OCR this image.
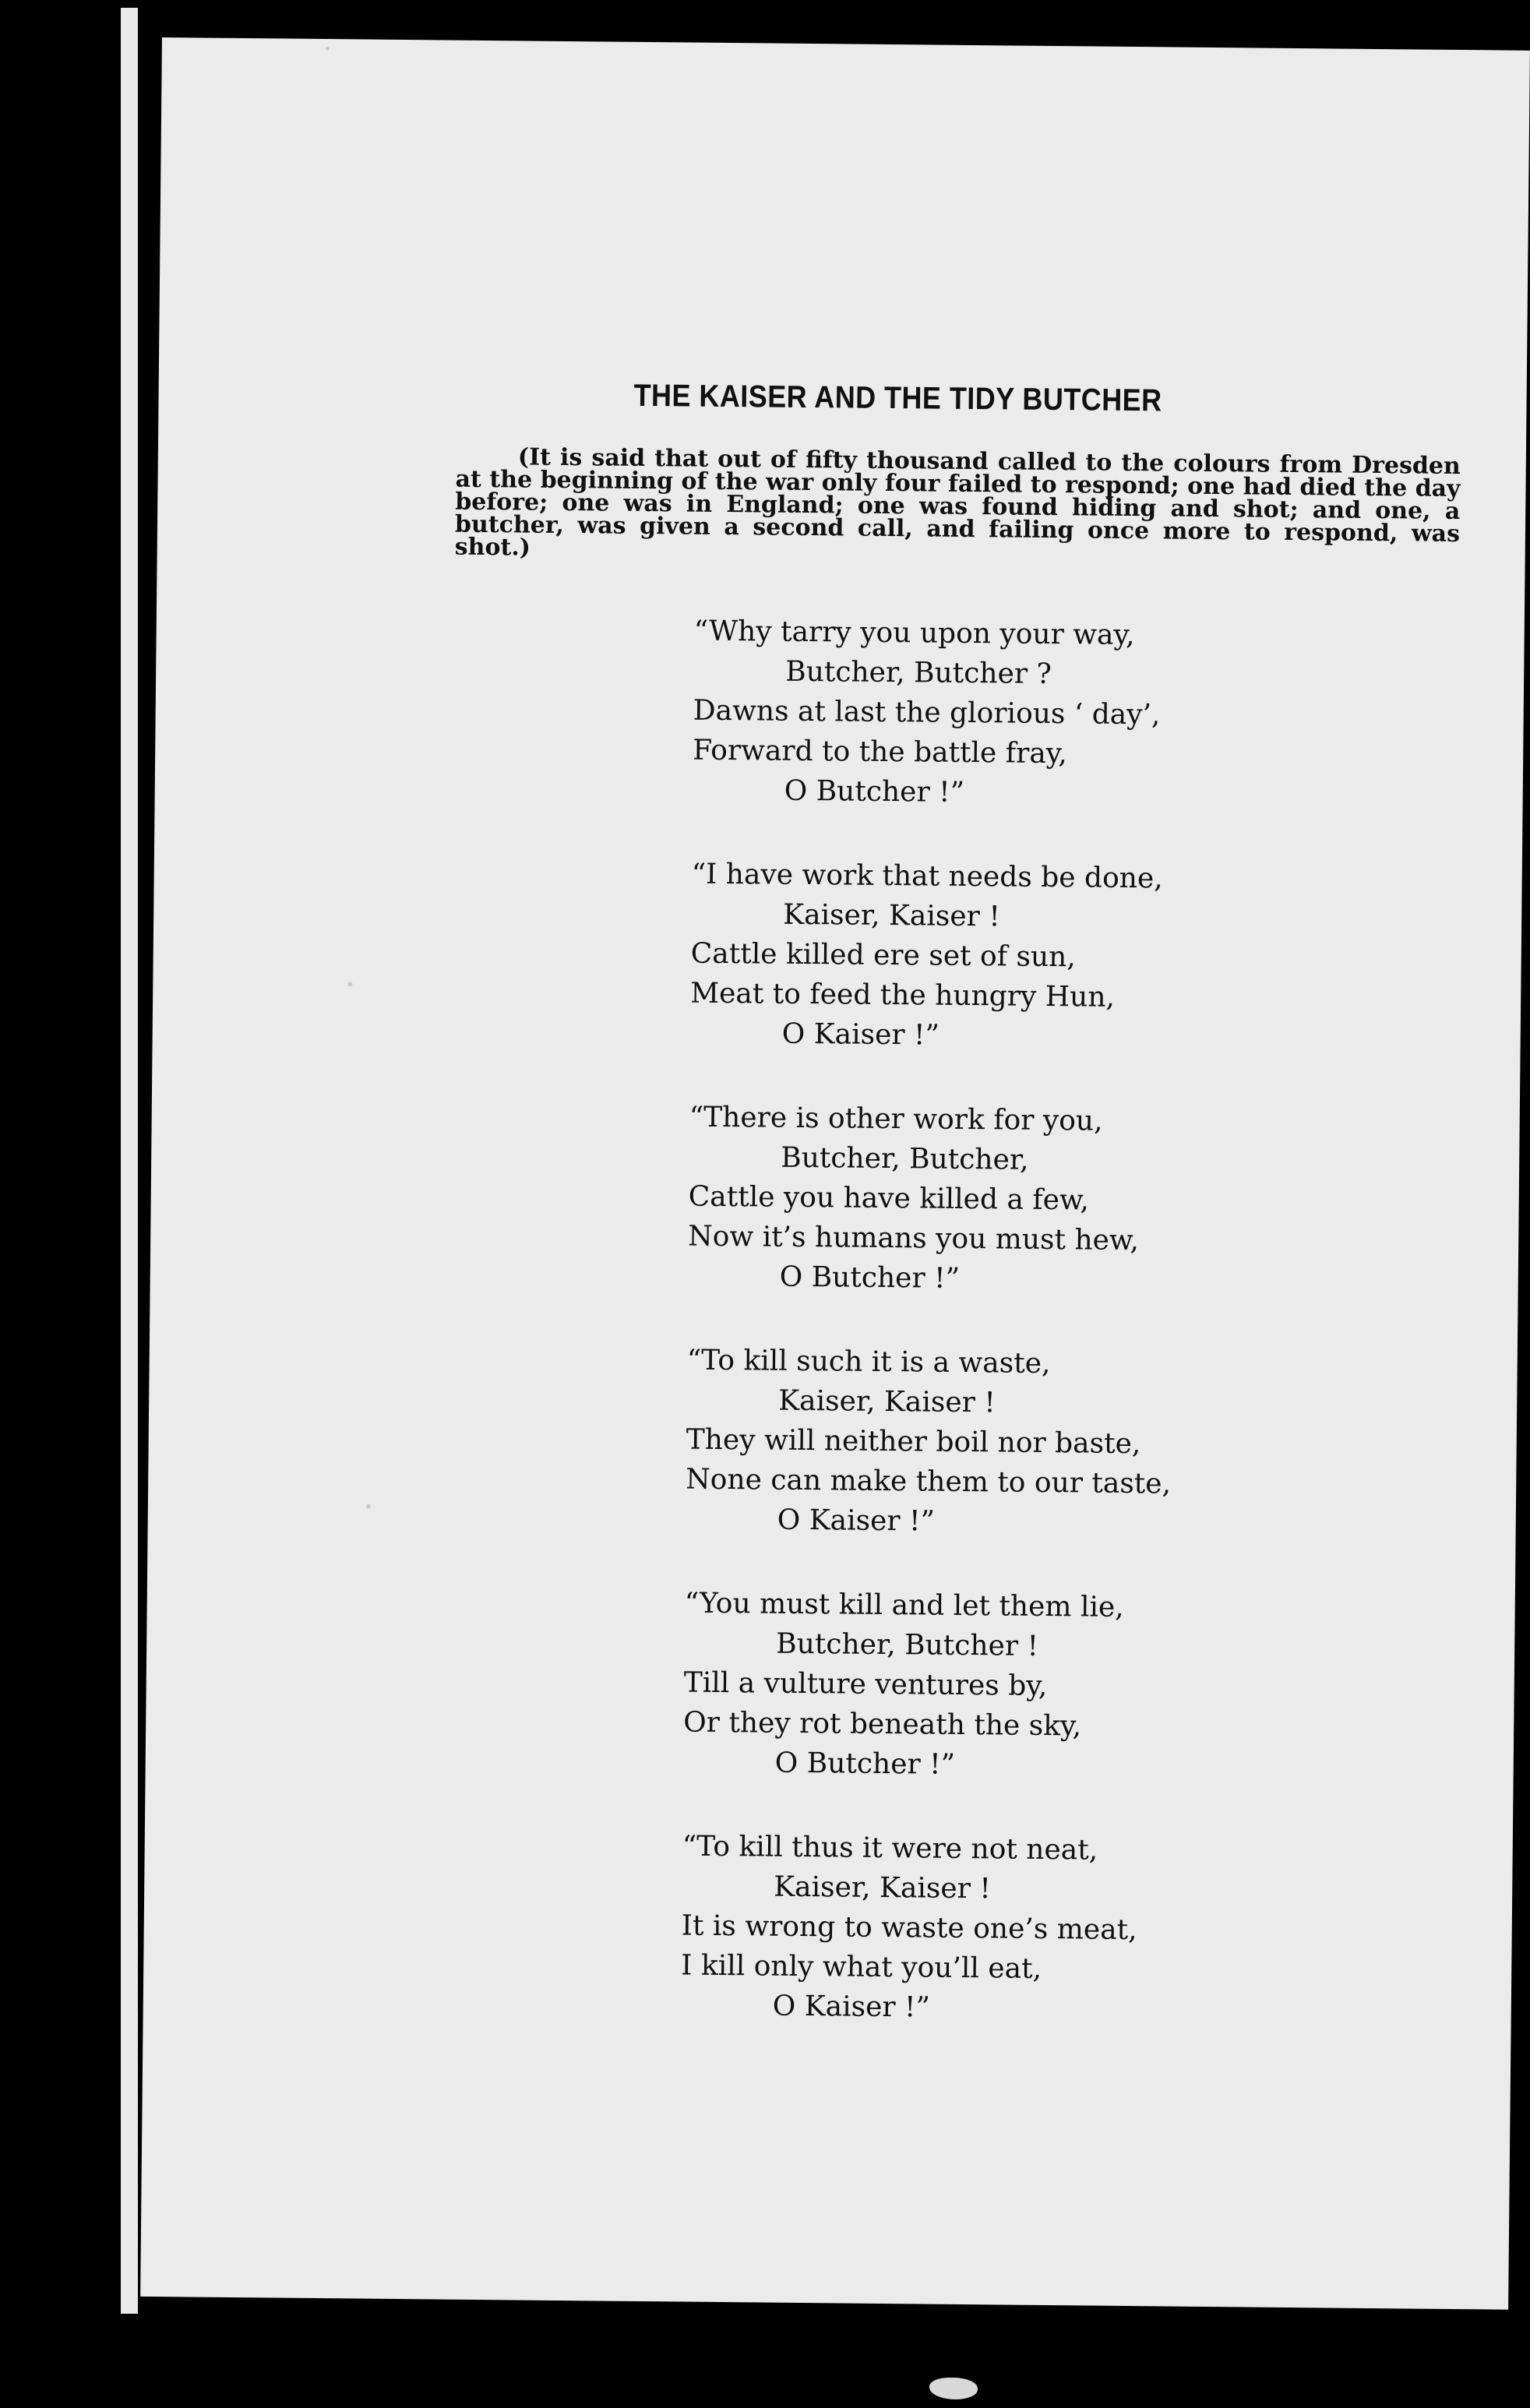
THE KAISER AND THE TIDY BUTCHER
(It is said that out of fifty thousand called to the colours from Dresden at the beginning of the war only four failed to respond; one had died the day before; one was in England; one was found hiding and shot; and one, a butcher, was given a second call, and failing once more to respond, was shot.)
“Why tarry you upon your way,
Butcher, Butcher ?
Dawns at last the glorious ‘ day’,
Forward to the battle fray,
O Butcher !”
“I have work that needs be done,
Kaiser, Kaiser !
Cattle killed ere set of sun,
Meat to feed the hungry Hun,
O Kaiser !”
“There is other work for you,
Butcher, Butcher,
Cattle you have killed a few,
Now it’s humans you must hew,
O Butcher !”
“To kill such it is a waste,
Kaiser, Kaiser !
They will neither boil nor baste,
None can make them to our taste,
O Kaiser !”
“You must kill and let them lie,
Butcher, Butcher !
Till a vulture ventures by,
Or they rot beneath the sky,
O Butcher !”
“To kill thus it were not neat,
Kaiser, Kaiser !
It is wrong to waste one’s meat,
I kill only what you’ll eat,
O Kaiser !”
